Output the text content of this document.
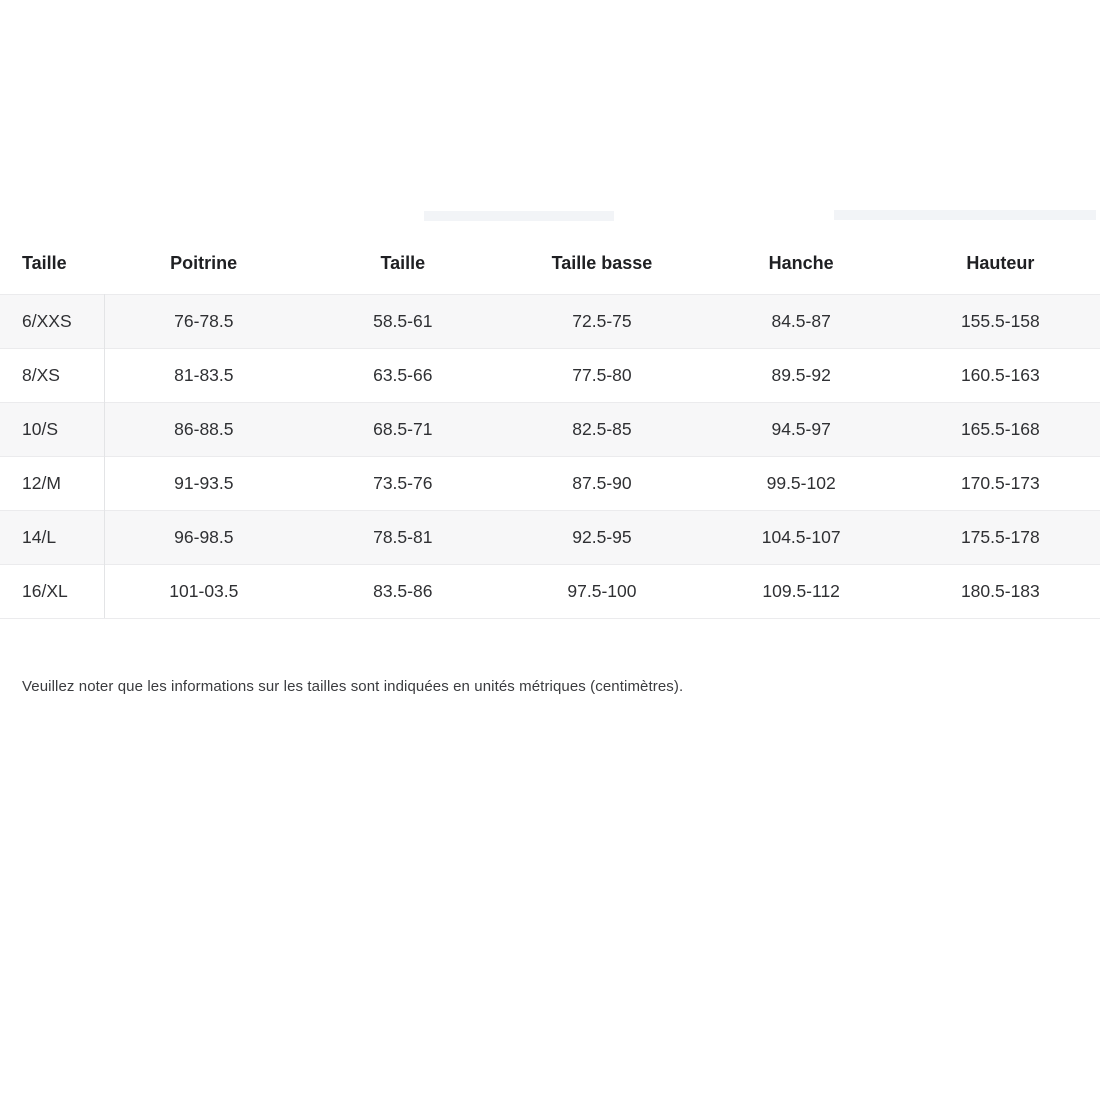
Taille	Poitrine	Taille	Taille basse	Hanche	Hauteur
6/XXS	76-78.5	58.5-61	72.5-75	84.5-87	155.5-158
8/XS	81-83.5	63.5-66	77.5-80	89.5-92	160.5-163
10/S	86-88.5	68.5-71	82.5-85	94.5-97	165.5-168
12/M	91-93.5	73.5-76	87.5-90	99.5-102	170.5-173
14/L	96-98.5	78.5-81	92.5-95	104.5-107	175.5-178
16/XL	101-03.5	83.5-86	97.5-100	109.5-112	180.5-183
Veuillez noter que les informations sur les tailles sont indiquées en unités métriques (centimètres).
